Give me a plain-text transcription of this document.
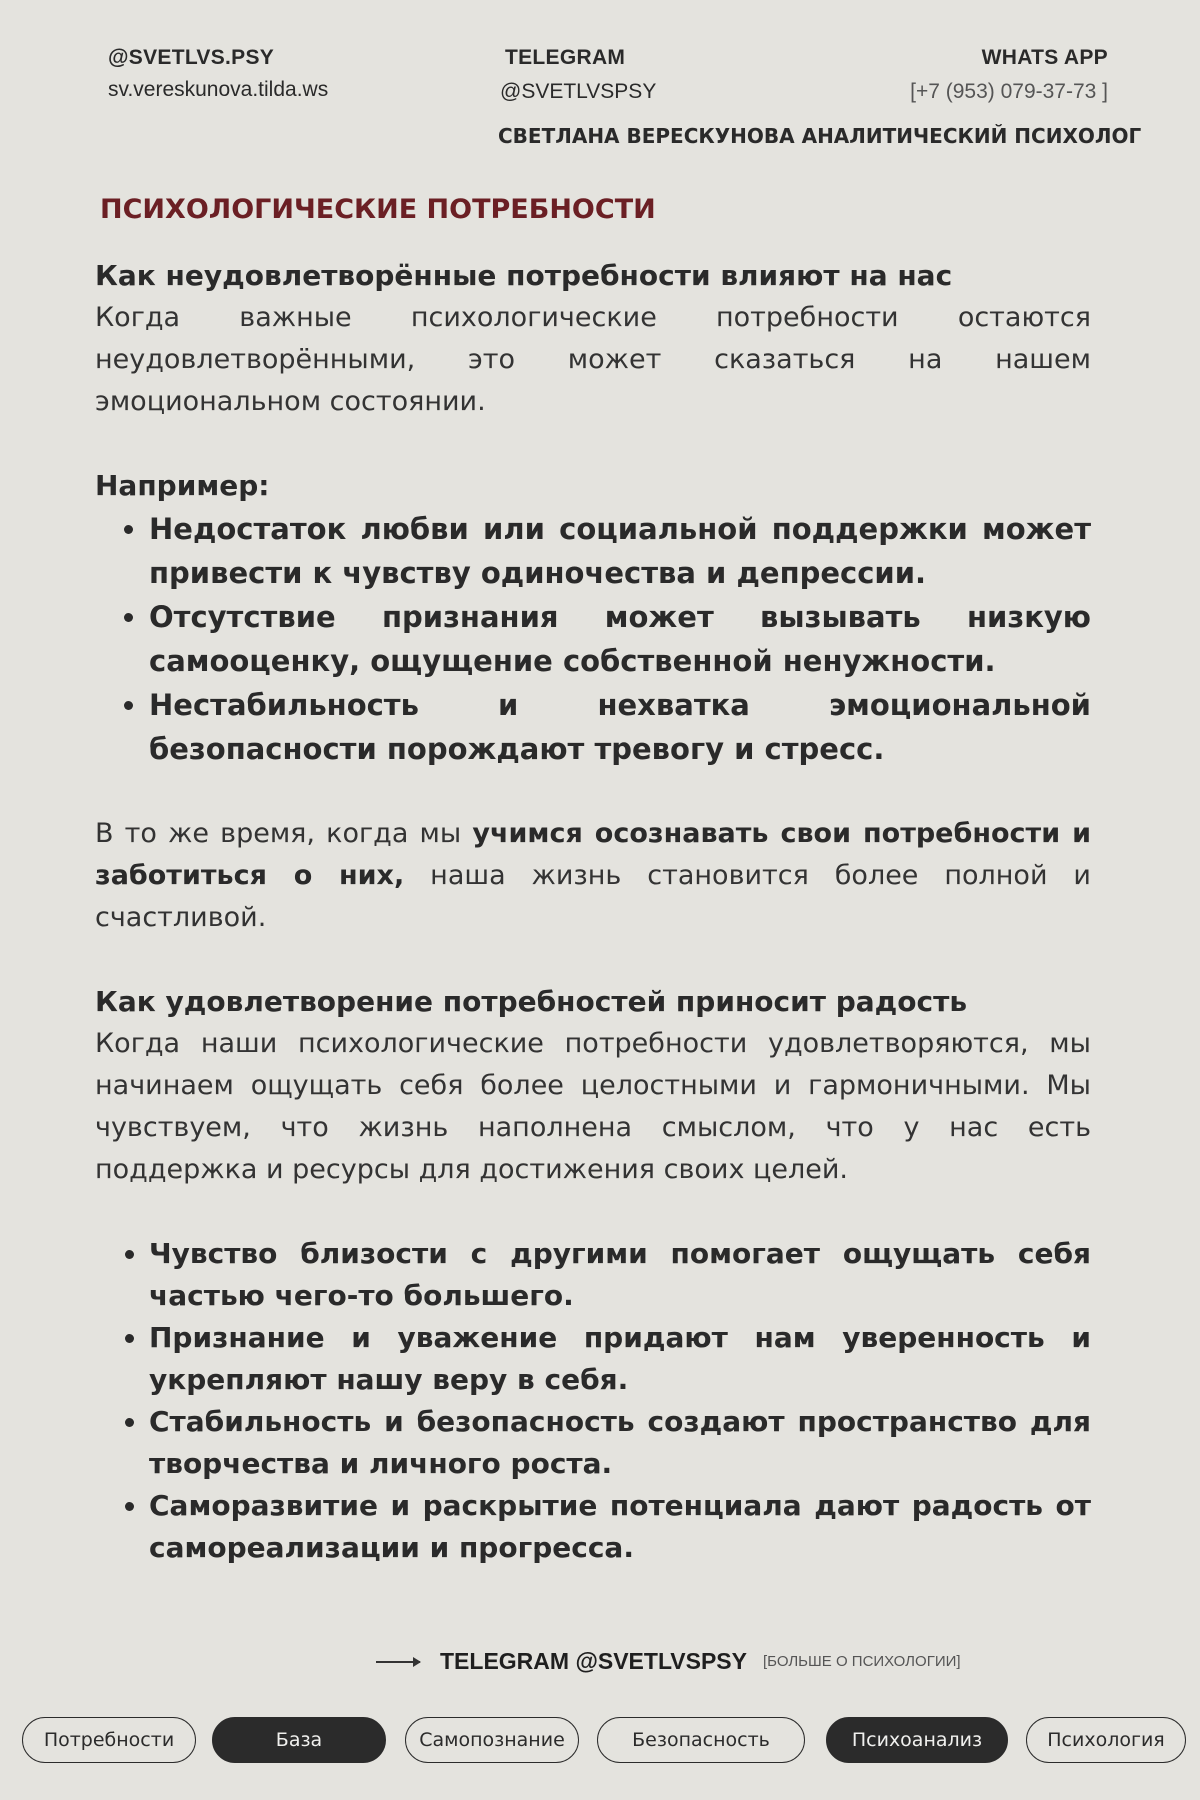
@SVETLVS.PSY
sv.vereskunova.tilda.ws
TELEGRAM
@SVETLVSPSY
WHATS APP
[+7 (953) 079-37-73 ]
СВЕТЛАНА ВЕРЕСКУНОВА АНАЛИТИЧЕСКИЙ ПСИХОЛОГ
ПСИХОЛОГИЧЕСКИЕ ПОТРЕБНОСТИ
Как неудовлетворённые потребности влияют на нас
Когда важные психологические потребности остаются неудовлетворёнными, это может сказаться на нашем эмоциональном состоянии.
Например:
• Недостаток любви или социальной поддержки может привести к чувству одиночества и депрессии.
• Отсутствие признания может вызывать низкую самооценку, ощущение собственной ненужности.
• Нестабильность и нехватка эмоциональной безопасности порождают тревогу и стресс.
В то же время, когда мы учимся осознавать свои потребности и заботиться о них, наша жизнь становится более полной и счастливой.
Как удовлетворение потребностей приносит радость
Когда наши психологические потребности удовлетворяются, мы начинаем ощущать себя более целостными и гармоничными. Мы чувствуем, что жизнь наполнена смыслом, что у нас есть поддержка и ресурсы для достижения своих целей.
• Чувство близости с другими помогает ощущать себя частью чего-то большего.
• Признание и уважение придают нам уверенность и укрепляют нашу веру в себя.
• Стабильность и безопасность создают пространство для творчества и личного роста.
• Саморазвитие и раскрытие потенциала дают радость от самореализации и прогресса.
TELEGRAM @SVETLVSPSY [БОЛЬШЕ О ПСИХОЛОГИИ]
Потребности	База	Самопознание	Безопасность	Психоанализ	Психология
